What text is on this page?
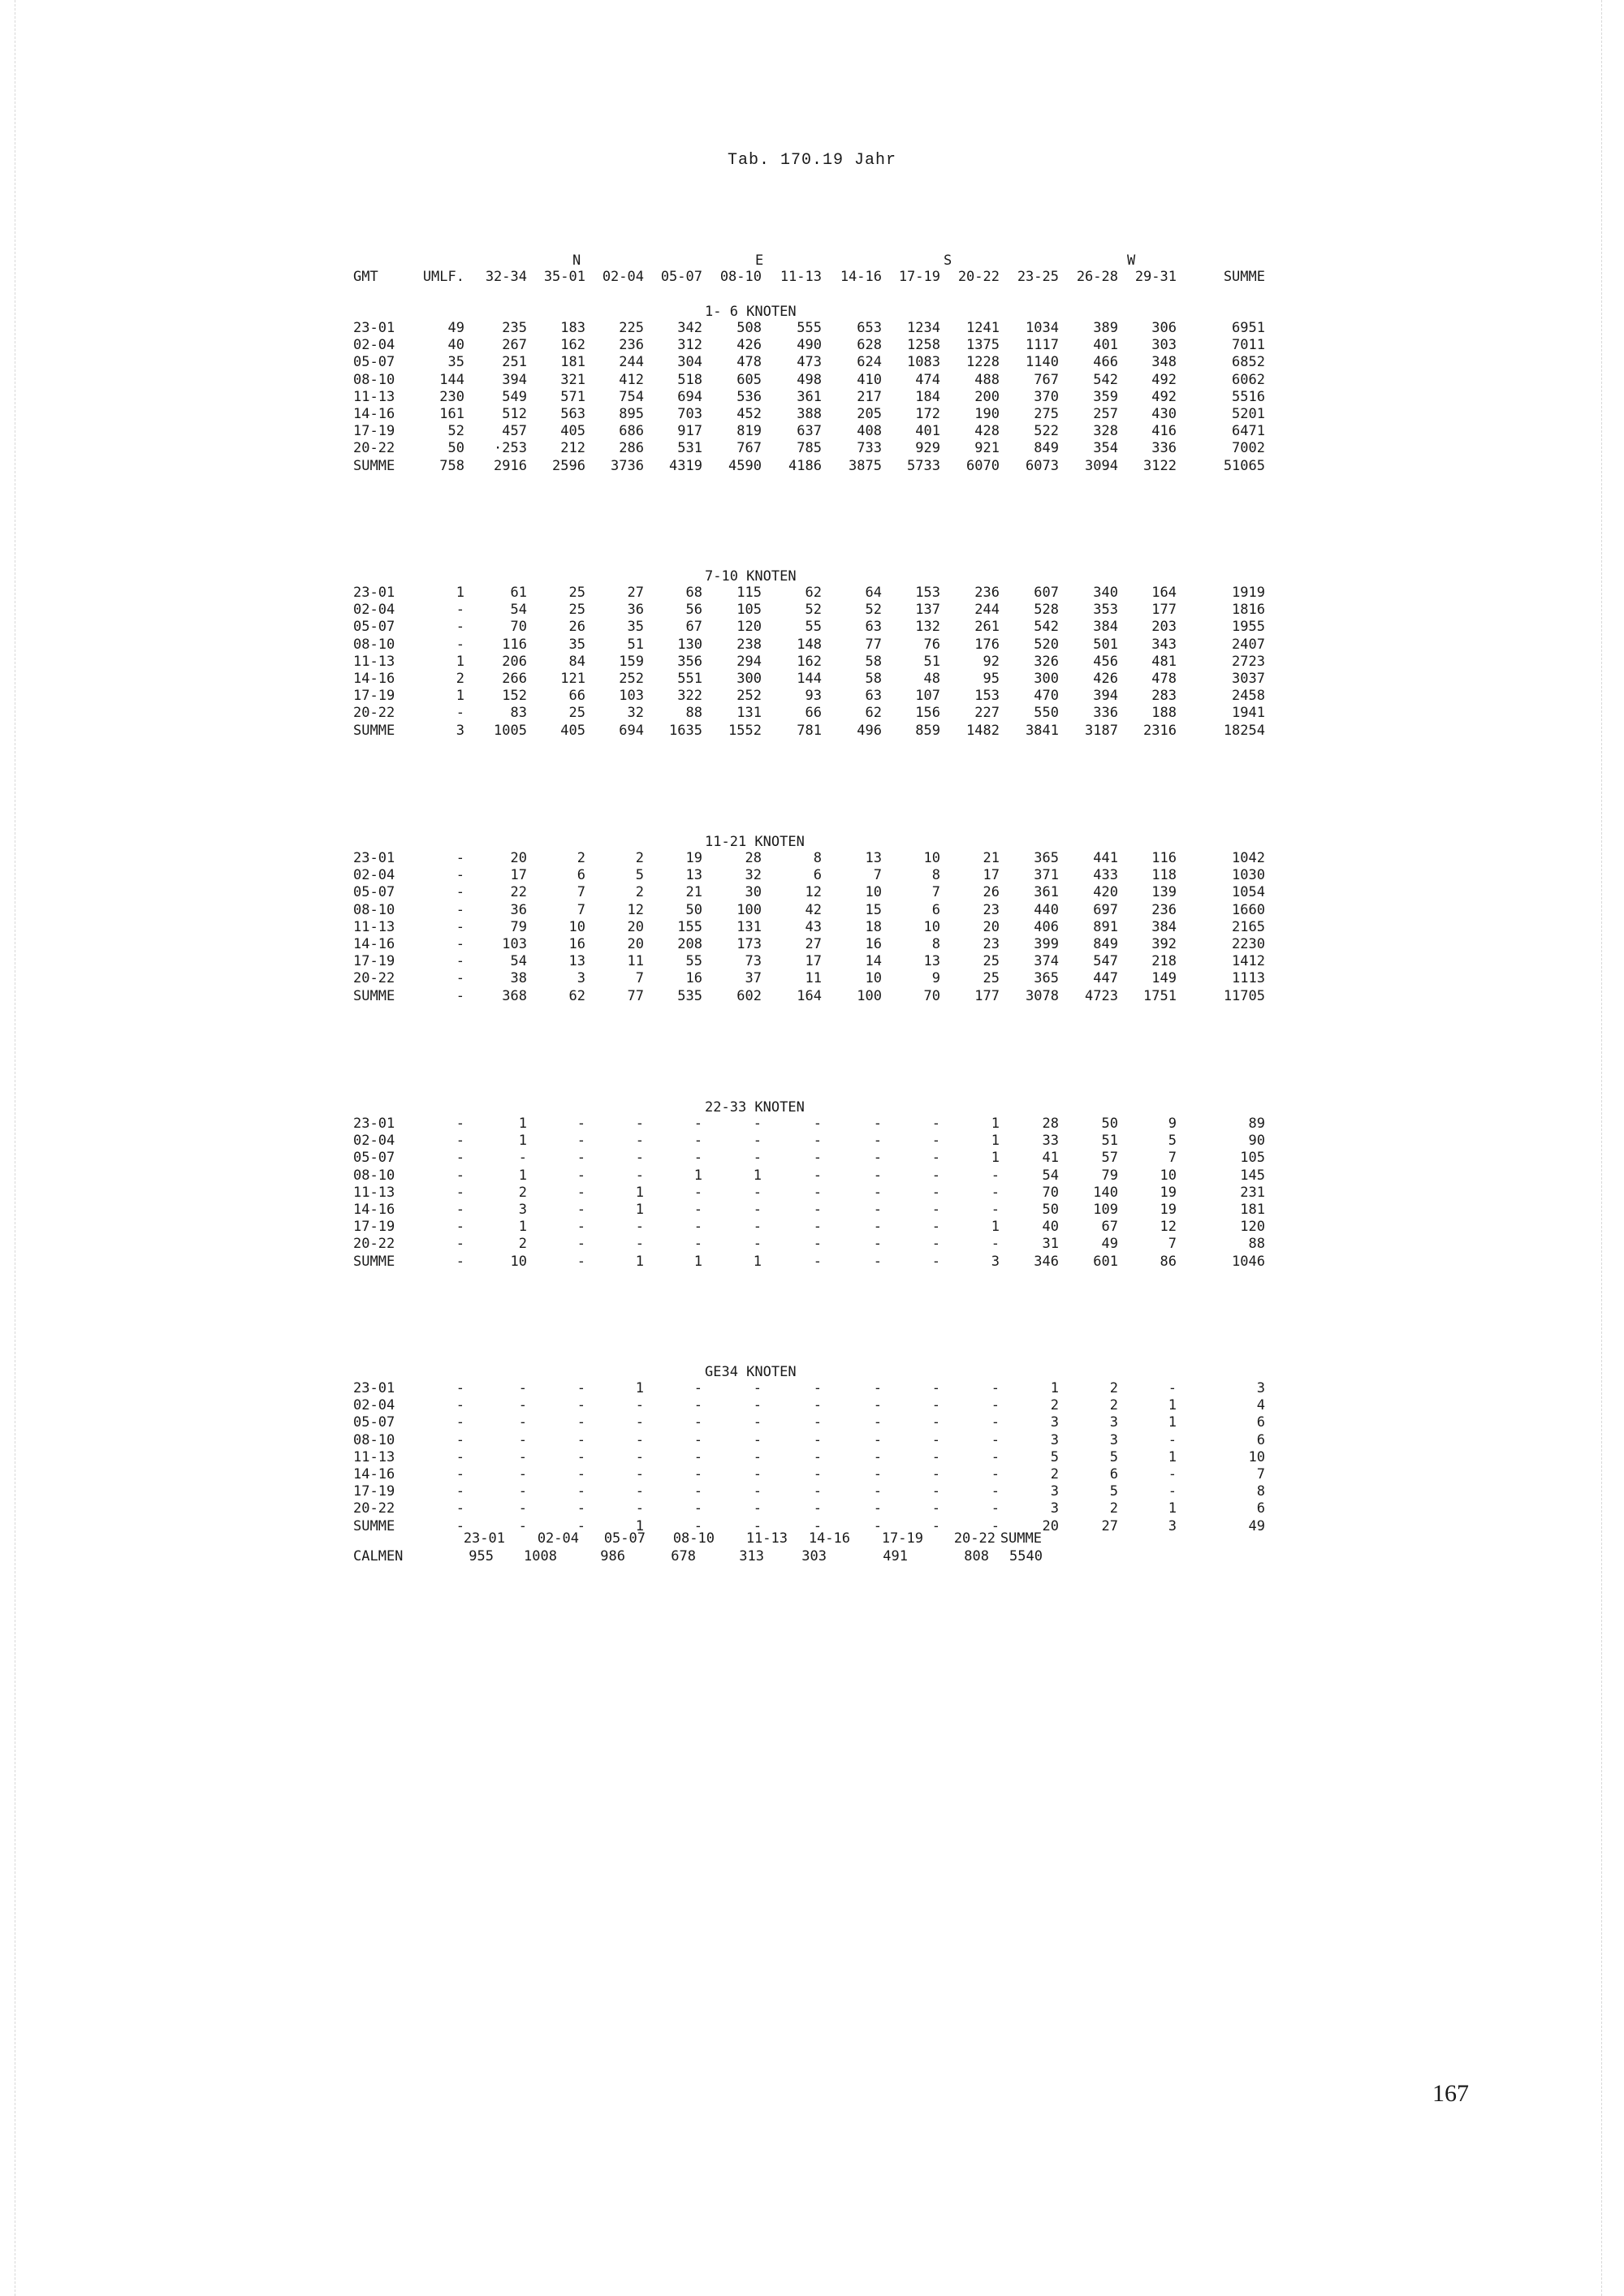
Tab. 170.19 Jahr
N	E	S	W
GMT	UMLF. 32-34 35-01 02-04 05-07 08-10 11-13 14-16 17-19 20-22 23-25 26-28 29-31	SUMME
1- 6 KNOTEN
23-01	49	235 183 225 342 508	555	653 1234 1241 1034 389 306	6951
02-04	40	267 162 236 312 426	490	628 1258 1375 1117 401 303	7011
05-07	35	251 181 244 304 478	473	624 1083 1228 1140 466 348	6852
08-10	144	394 321 412 518 605	498	410 474 488 767 542 492	6062
11-13	230	549 571 754 694 536	361	217 184 200 370 359 492	5516
14-16	161	512 563 895 703 452	388	205 172 190 275 257 430	5201
17-19	52	457 405 686 917 819	637	408 401 428 522 328 416	6471
20-22	50 ·253 212 286 531 767	785	733 929 921 849 354 336	7002
SUMME	758 2916 2596 3736 4319 4590 4186 3875 5733 6070 6073 3094 3122	51065
7-10 KNOTEN
23-01	1	61	25	27	68 115	62	64 153 236 607 340 164	1919
02-04	-	54	25	36	56 105	52	52 137 244 528 353 177	1816
05-07	-	70	26	35	67 120	55	63 132 261 542 384 203	1955
08-10	-	116	35	51 130 238	148	77	76 176 520 501 343	2407
11-13	1	206	84 159 356 294	162	58	51	92 326 456 481	2723
14-16	2	266 121 252 551 300	144	58	48	95 300 426 478	3037
17-19	1	152	66 103 322 252	93	63 107 153 470 394 283	2458
20-22	-	83	25	32	88 131	66	62 156 227 550 336 188	1941
SUMME	3 1005 405 694 1635 1552	781	496 859 1482 3841 3187 2316	18254
11-21 KNOTEN
23-01	-	20	2	2	19	28	8	13	10	21 365 441 116	1042
02-04	-	17	6	5	13	32	6	7	8	17 371 433 118	1030
05-07	-	22	7	2	21	30	12	10	7	26 361 420 139	1054
08-10	-	36	7	12	50 100	42	15	6	23 440 697 236	1660
11-13	-	79	10	20 155 131	43	18	10	20 406 891 384	2165
14-16	-	103	16	20 208 173	27	16	8	23 399 849 392	2230
17-19	-	54	13	11	55	73	17	14	13	25 374 547 218	1412
20-22	-	38	3	7	16	37	11	10	9	25 365 447 149	1113
SUMME	-	368	62	77 535 602	164	100	70 177 3078 4723 1751	11705
22-33 KNOTEN
23-01	-	1	-	-	-	-	-	-	-	1	28	50	9	89
02-04	-	1	-	-	-	-	-	-	-	1	33	51	5	90
05-07	-	-	-	-	-	-	-	-	-	1	41	57	7	105
08-10	-	1	-	-	1	1	-	-	-	-	54	79	10	145
11-13	-	2	-	1	-	-	-	-	-	-	70 140	19	231
14-16	-	3	-	1	-	-	-	-	-	-	50 109	19	181
17-19	-	1	-	-	-	-	-	-	-	1	40	67	12	120
20-22	-	2	-	-	-	-	-	-	-	-	31	49	7	88
SUMME	-	10	-	1	1	1	-	-	-	3 346 601	86	1046
GE34 KNOTEN
23-01	-	-	-	1	-	-	-	-	-	-	1	2	-	3
02-04	-	-	-	-	-	-	-	-	-	-	2	2	1	4
05-07	-	-	-	-	-	-	-	-	-	-	3	3	1	6
08-10	-	-	-	-	-	-	-	-	-	-	3	3	-	6
11-13	-	-	-	-	-	-	-	-	-	-	5	5	1	10
14-16	-	-	-	-	-	-	-	-	-	-	2	6	-	7
17-19	-	-	-	-	-	-	-	-	-	-	3	5	-	8
20-22	-	-	-	-	-	-	-	-	-	-	3	2	1	6
SUMME	-	-	-	1	-	-	-	-	-	-	20	27	3	49
23-01 02-04 05-07 08-10 11-13 14-16 17-19 20-22 SUMME
CALMEN	955 1008	986	678	313	303	491	808 5540
167
